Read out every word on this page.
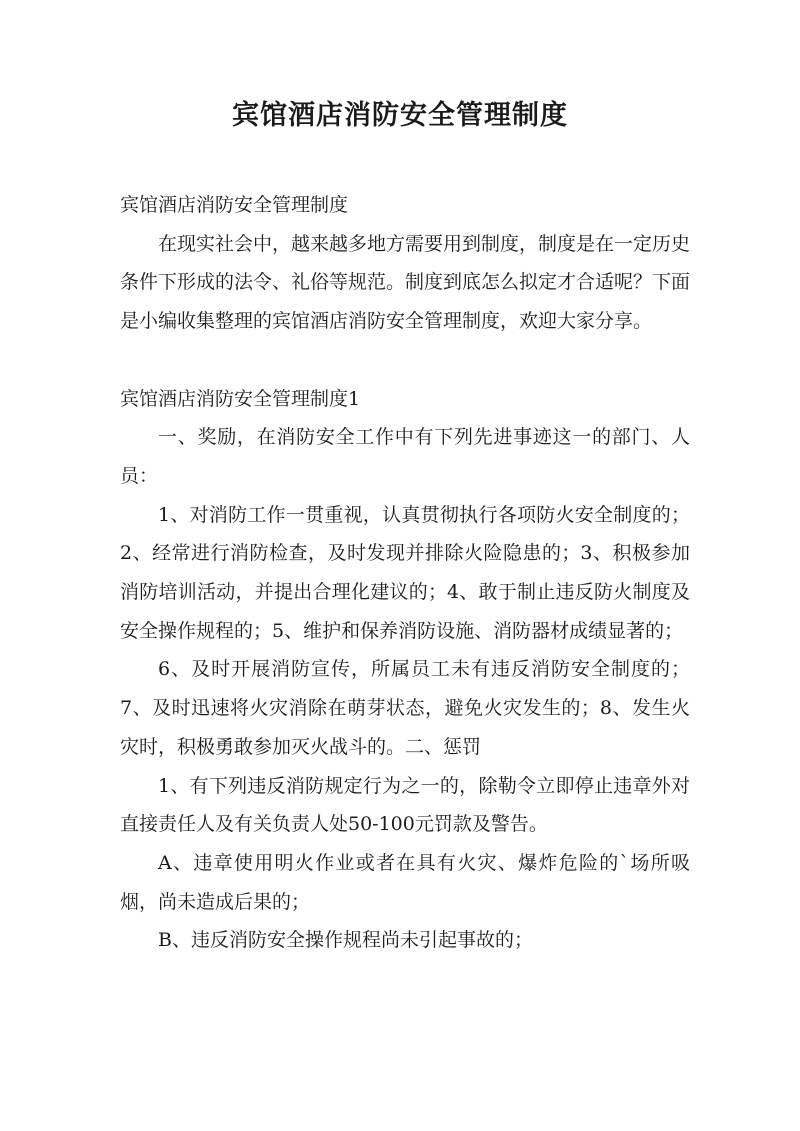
宾馆酒店消防安全管理制度

宾馆酒店消防安全管理制度

在现实社会中，越来越多地方需要用到制度，制度是在一定历史条件下形成的法令、礼俗等规范。制度到底怎么拟定才合适呢？下面是小编收集整理的宾馆酒店消防安全管理制度，欢迎大家分享。

宾馆酒店消防安全管理制度1

一、奖励，在消防安全工作中有下列先进事迹这一的部门、人员：

1、对消防工作一贯重视，认真贯彻执行各项防火安全制度的；2、经常进行消防检查，及时发现并排除火险隐患的；3、积极参加消防培训活动，并提出合理化建议的；4、敢于制止违反防火制度及安全操作规程的；5、维护和保养消防设施、消防器材成绩显著的；

6、及时开展消防宣传，所属员工未有违反消防安全制度的；7、及时迅速将火灾消除在萌芽状态，避免火灾发生的；8、发生火灾时，积极勇敢参加灭火战斗的。二、惩罚

1、有下列违反消防规定行为之一的，除勒令立即停止违章外对直接责任人及有关负责人处50-100元罚款及警告。

A、违章使用明火作业或者在具有火灾、爆炸危险的`场所吸烟，尚未造成后果的；

B、违反消防安全操作规程尚未引起事故的；
